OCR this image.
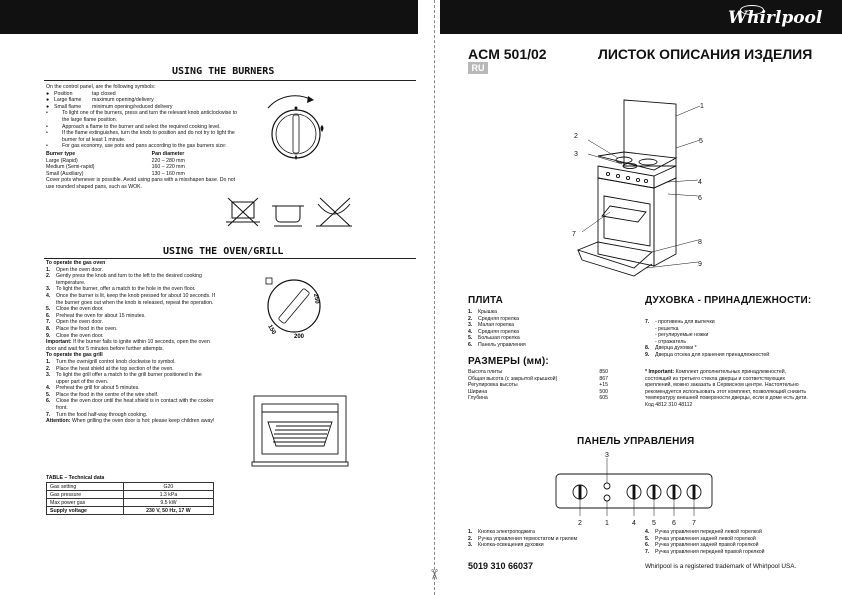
Whirlpool
USING THE BURNERS
On the control panel, are the following symbols:
● Position	tap closed
● Large flame maximum opening/delivery
● Small flame minimum opening/reduced delivery
•	To light one of the burners, press and turn the relevant knob anticlockwise to the large flame position.
•	Approach a flame to the burner and select the required cooking level.
•	If the flame extinguishes, turn the knob to position and do not try to light the burner for at least 1 minute.
•	For gas economy, use pots and pans according to the gas burners size:
Burner type	Pan diameter
Large (Rapid)	220 – 280 mm
Medium (Semi-rapid)	160 – 220 mm
Small (Auxiliary)	130 – 160 mm
Cover pots whenever is possible. Avoid using pans with a misshapen base. Do not use rounded shaped pans, such as WOK.
USING THE OVEN/GRILL
To operate the gas oven
1. Open the oven door.
2. Gently press the knob and turn to the left to the desired cooking temperature.
3. To light the burner, offer a match to the hole in the oven floor.
4. Once the burner is lit, keep the knob pressed for about 10 seconds. If the burner goes out when the knob is released, repeat the operation.
5. Close the oven door.
6. Preheat the oven for about 15 minutes.
7. Open the oven door.
8. Place the food in the oven.
9. Close the oven door.
Important: If the burner fails to ignite within 10 seconds, open the oven door and wait for 5 minutes before further attempts.
To operate the gas grill
1. Turn the oven/grill control knob clockwise to symbol.
2. Place the heat shield at the top section of the oven.
3. To light the grill offer a match to the grill burner positioned in the upper part of the oven.
4. Preheat the grill for about 5 minutes.
5. Place the food in the centre of the wire shelf.
6. Close the oven door until the heat shield is in contact with the cooker front.
7. Turn the food half-way through cooking.
Attention: When grilling the oven door is hot: please keep children away!
250
200
150
TABLE – Technical data
Gas setting	G20
Gas pressure	1.3 kPa
Max power gas	9.5 kW
Supply voltage	230 V, 50 Hz, 17 W
✂
ACM 501/02
RU
ЛИСТОК ОПИСАНИЯ ИЗДЕЛИЯ
1
2
3
4
5
6
7
8
9
ПЛИТА
1. Крышка
2. Средняя горелка
3. Малая горелка
4. Средняя горелка
5. Большая горелка
6. Панель управления
РАЗМЕРЫ (мм):
Высота плиты	850
Общая высота (с закрытой крышкой)	867
Регулировка высоты	+15
Ширина	500
Глубина	605
ДУХОВКА - ПРИНАДЛЕЖНОСТИ:
7. - противень для выпечки
- решетка
- регулируемые ножки
- отражатель
8. Дверца духовки *
9. Дверца отсека для хранения принадлежностей
* Important: Комплект дополнительных принадлежностей, состоящий из третьего стекла дверцы и соответствующих креплений, можно заказать в Сервисном центре. Настоятельно рекомендуется использовать этот комплект, позволяющий снизить температуру внешней поверхности дверцы, если в доме есть дети. Код 4812 310 48112
ПАНЕЛЬ УПРАВЛЕНИЯ
3
2	1	4 5 6 7
1. Кнопка электроподжига
2. Ручка управления термостатом и грилем
3. Кнопка-освещения духовки
4. Ручка управления передней левой горелкой
5. Ручка управления задней левой горелкой
6. Ручка управления задней правой горелкой
7. Ручка управления передней правой горелкой
5019 310 66037	Whirlpool is a registered trademark of Whirlpool USA.
